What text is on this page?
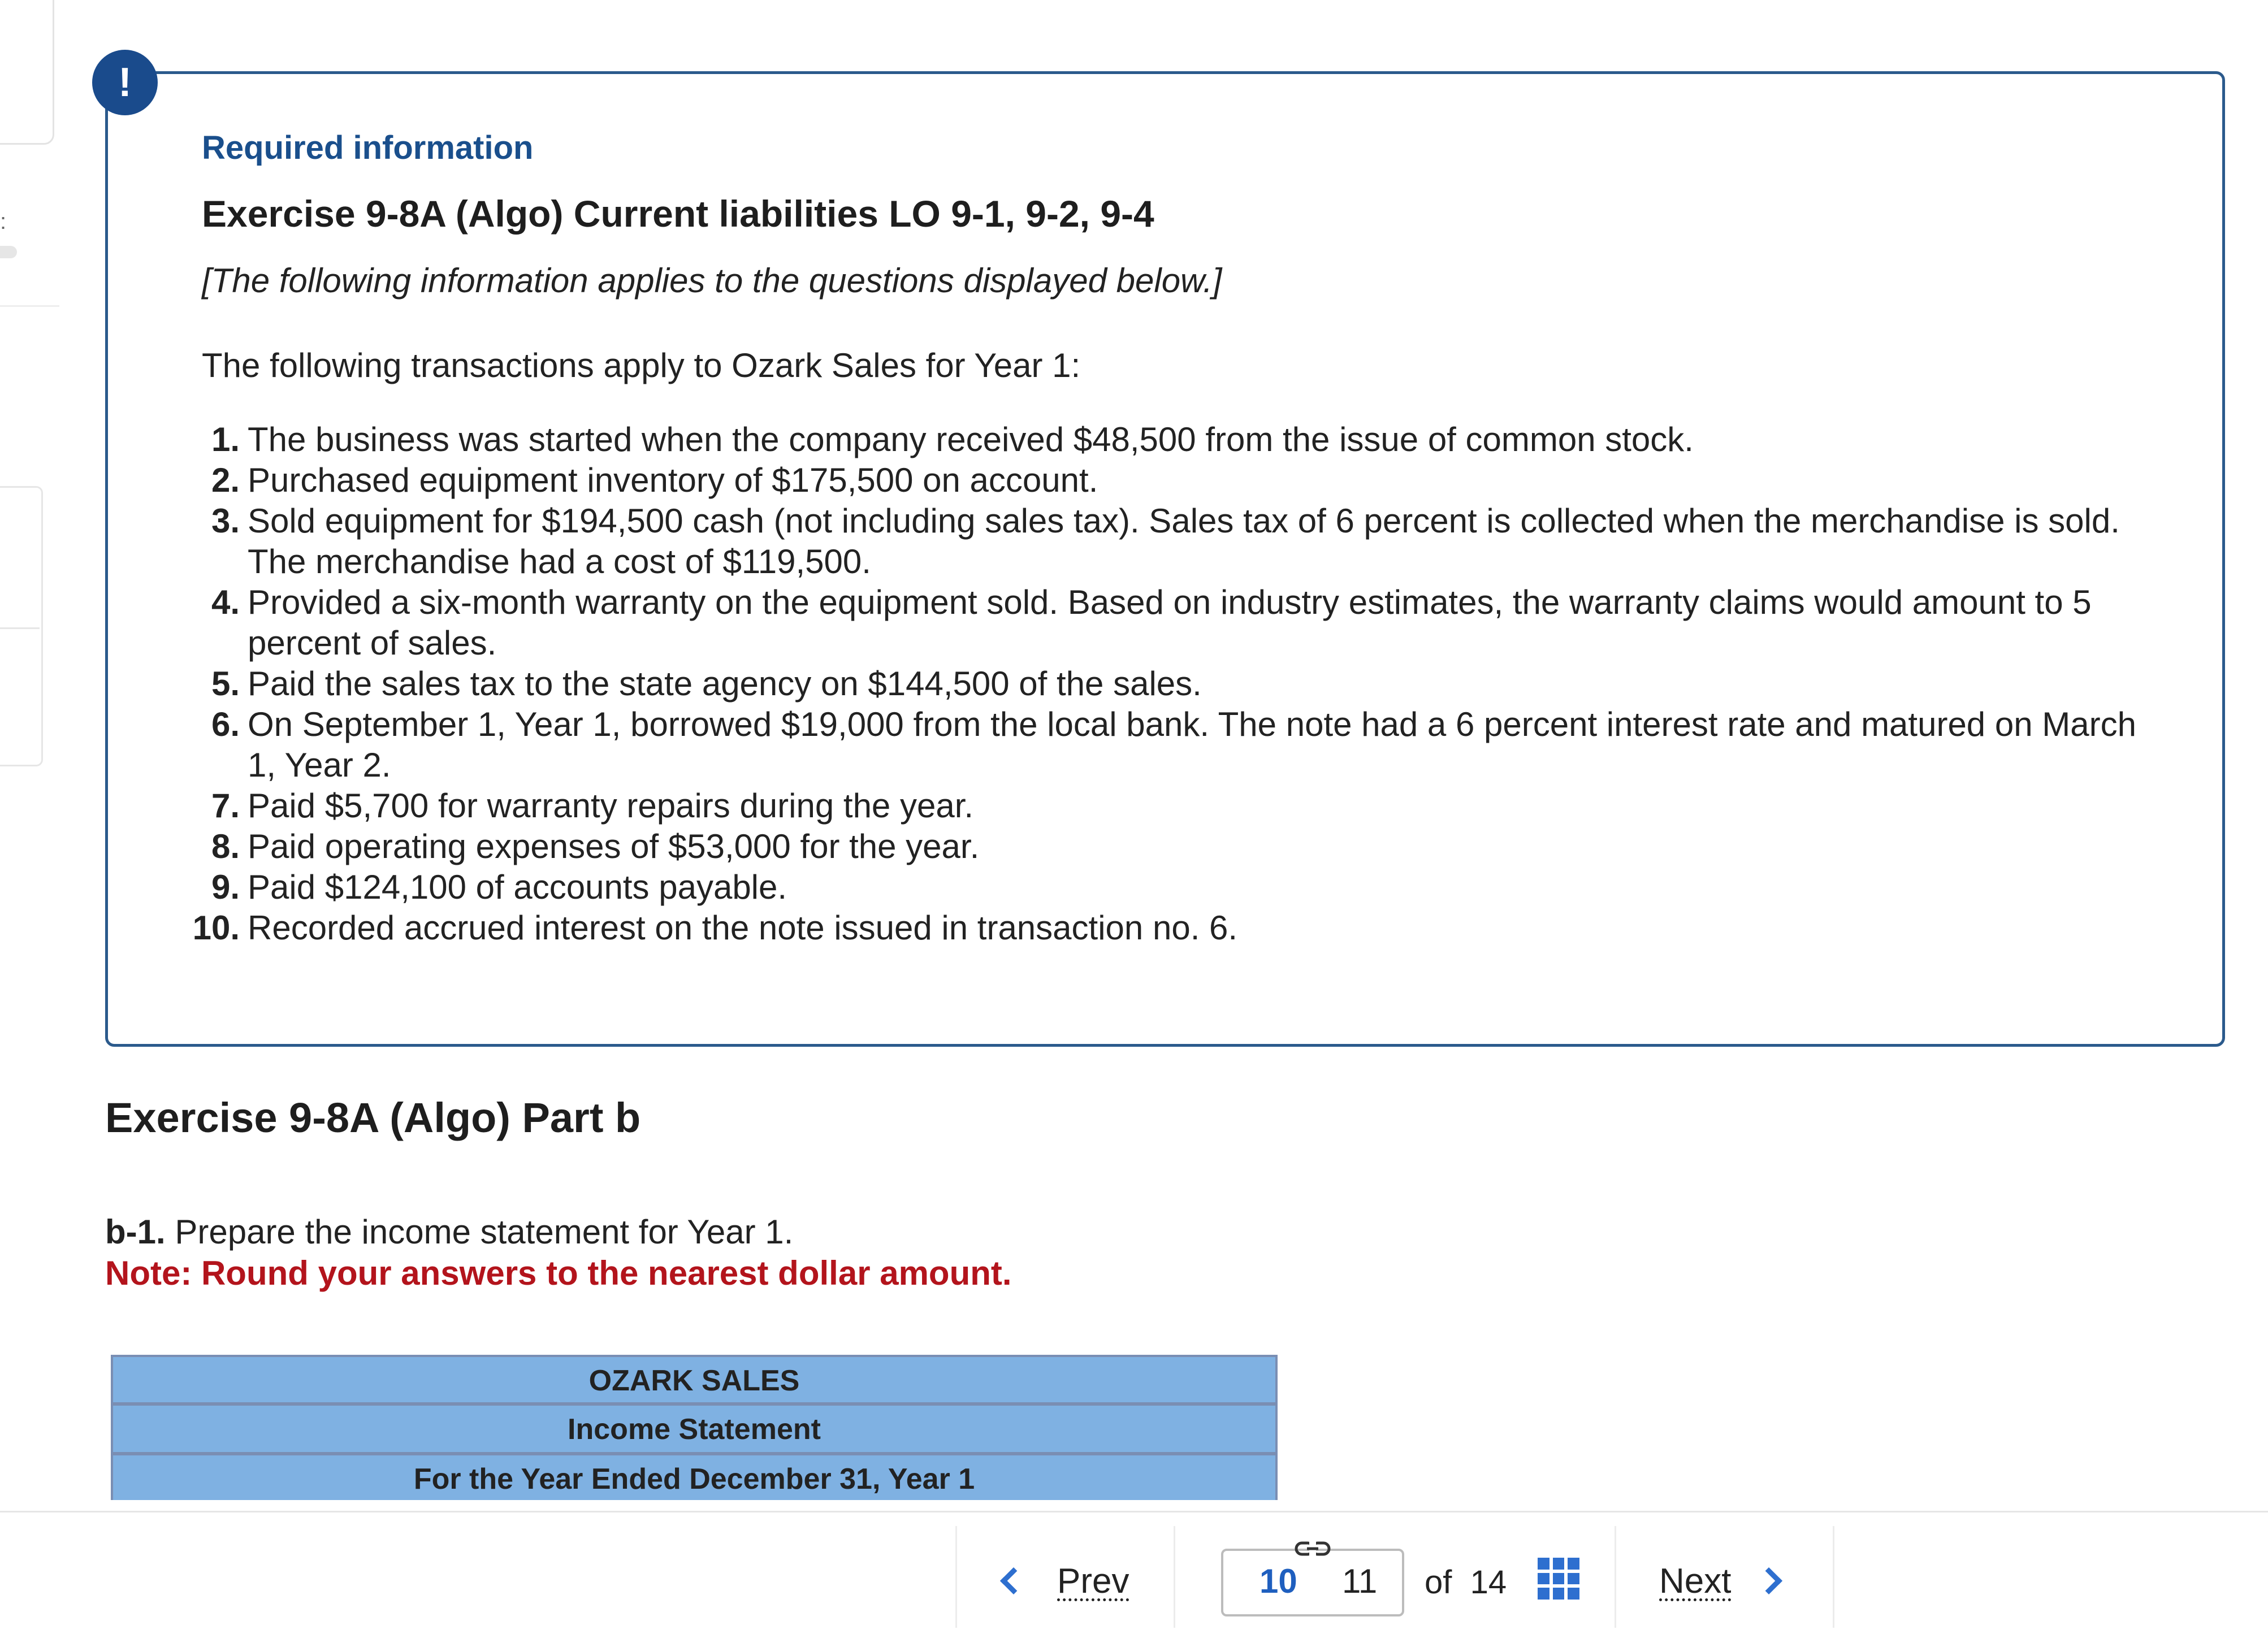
:
!
Required information
Exercise 9-8A (Algo) Current liabilities LO 9-1, 9-2, 9-4
[The following information applies to the questions displayed below.]
The following transactions apply to Ozark Sales for Year 1:
1. The business was started when the company received $48,500 from the issue of common stock.
2. Purchased equipment inventory of $175,500 on account.
3. Sold equipment for $194,500 cash (not including sales tax). Sales tax of 6 percent is collected when the merchandise is sold. The merchandise had a cost of $119,500.
4. Provided a six-month warranty on the equipment sold. Based on industry estimates, the warranty claims would amount to 5 percent of sales.
5. Paid the sales tax to the state agency on $144,500 of the sales.
6. On September 1, Year 1, borrowed $19,000 from the local bank. The note had a 6 percent interest rate and matured on March 1, Year 2.
7. Paid $5,700 for warranty repairs during the year.
8. Paid operating expenses of $53,000 for the year.
9. Paid $124,100 of accounts payable.
10. Recorded accrued interest on the note issued in transaction no. 6.
Exercise 9-8A (Algo) Part b
b-1. Prepare the income statement for Year 1.
Note: Round your answers to the nearest dollar amount.
OZARK SALES
Income Statement
For the Year Ended December 31, Year 1
Prev	10 11 of 14	Next
